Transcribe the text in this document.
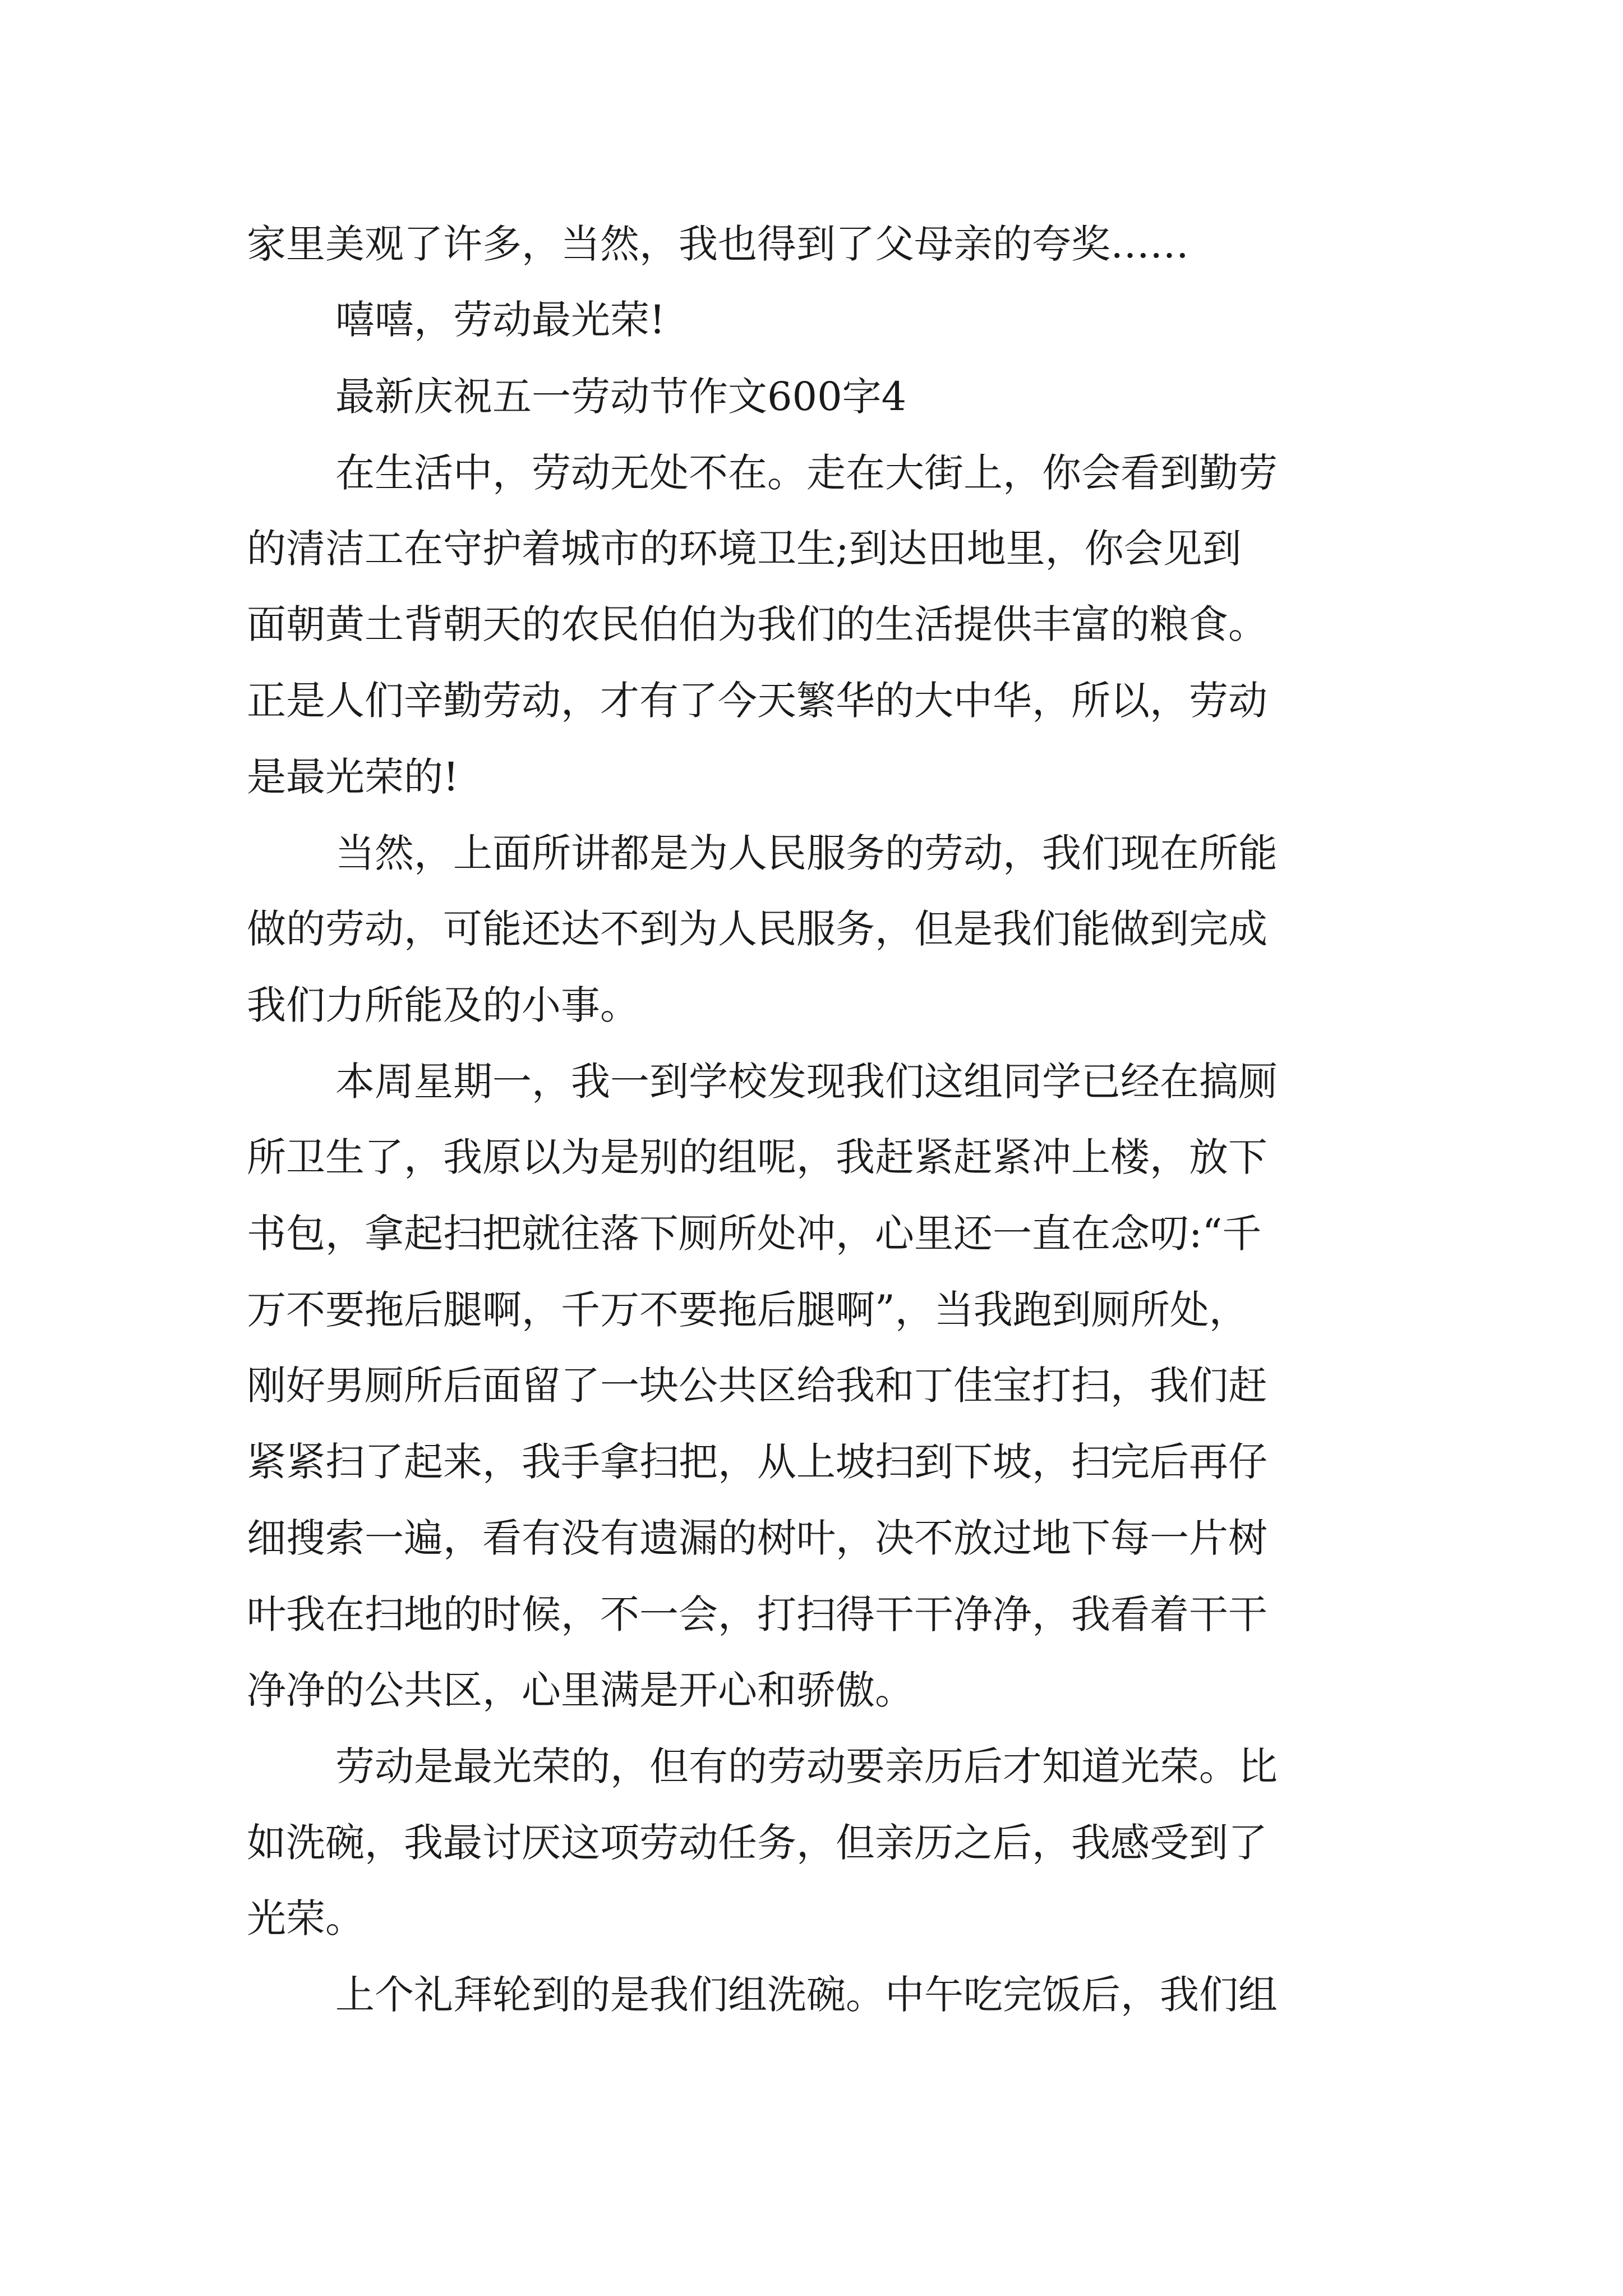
家里美观了许多，当然，我也得到了父母亲的夸奖……
嘻嘻，劳动最光荣!
最新庆祝五一劳动节作文600字4
在生活中，劳动无处不在。走在大街上，你会看到勤劳
的清洁工在守护着城市的环境卫生;到达田地里，你会见到
面朝黄土背朝天的农民伯伯为我们的生活提供丰富的粮食。
正是人们辛勤劳动，才有了今天繁华的大中华，所以，劳动
是最光荣的!
当然，上面所讲都是为人民服务的劳动，我们现在所能
做的劳动，可能还达不到为人民服务，但是我们能做到完成
我们力所能及的小事。
本周星期一，我一到学校发现我们这组同学已经在搞厕
所卫生了，我原以为是别的组呢，我赶紧赶紧冲上楼，放下
书包，拿起扫把就往落下厕所处冲，心里还一直在念叨:“千
万不要拖后腿啊，千万不要拖后腿啊”，当我跑到厕所处，
刚好男厕所后面留了一块公共区给我和丁佳宝打扫，我们赶
紧紧扫了起来，我手拿扫把，从上坡扫到下坡，扫完后再仔
细搜索一遍，看有没有遗漏的树叶，决不放过地下每一片树
叶我在扫地的时候，不一会，打扫得干干净净，我看着干干
净净的公共区，心里满是开心和骄傲。
劳动是最光荣的，但有的劳动要亲历后才知道光荣。比
如洗碗，我最讨厌这项劳动任务，但亲历之后，我感受到了
光荣。
上个礼拜轮到的是我们组洗碗。中午吃完饭后，我们组
